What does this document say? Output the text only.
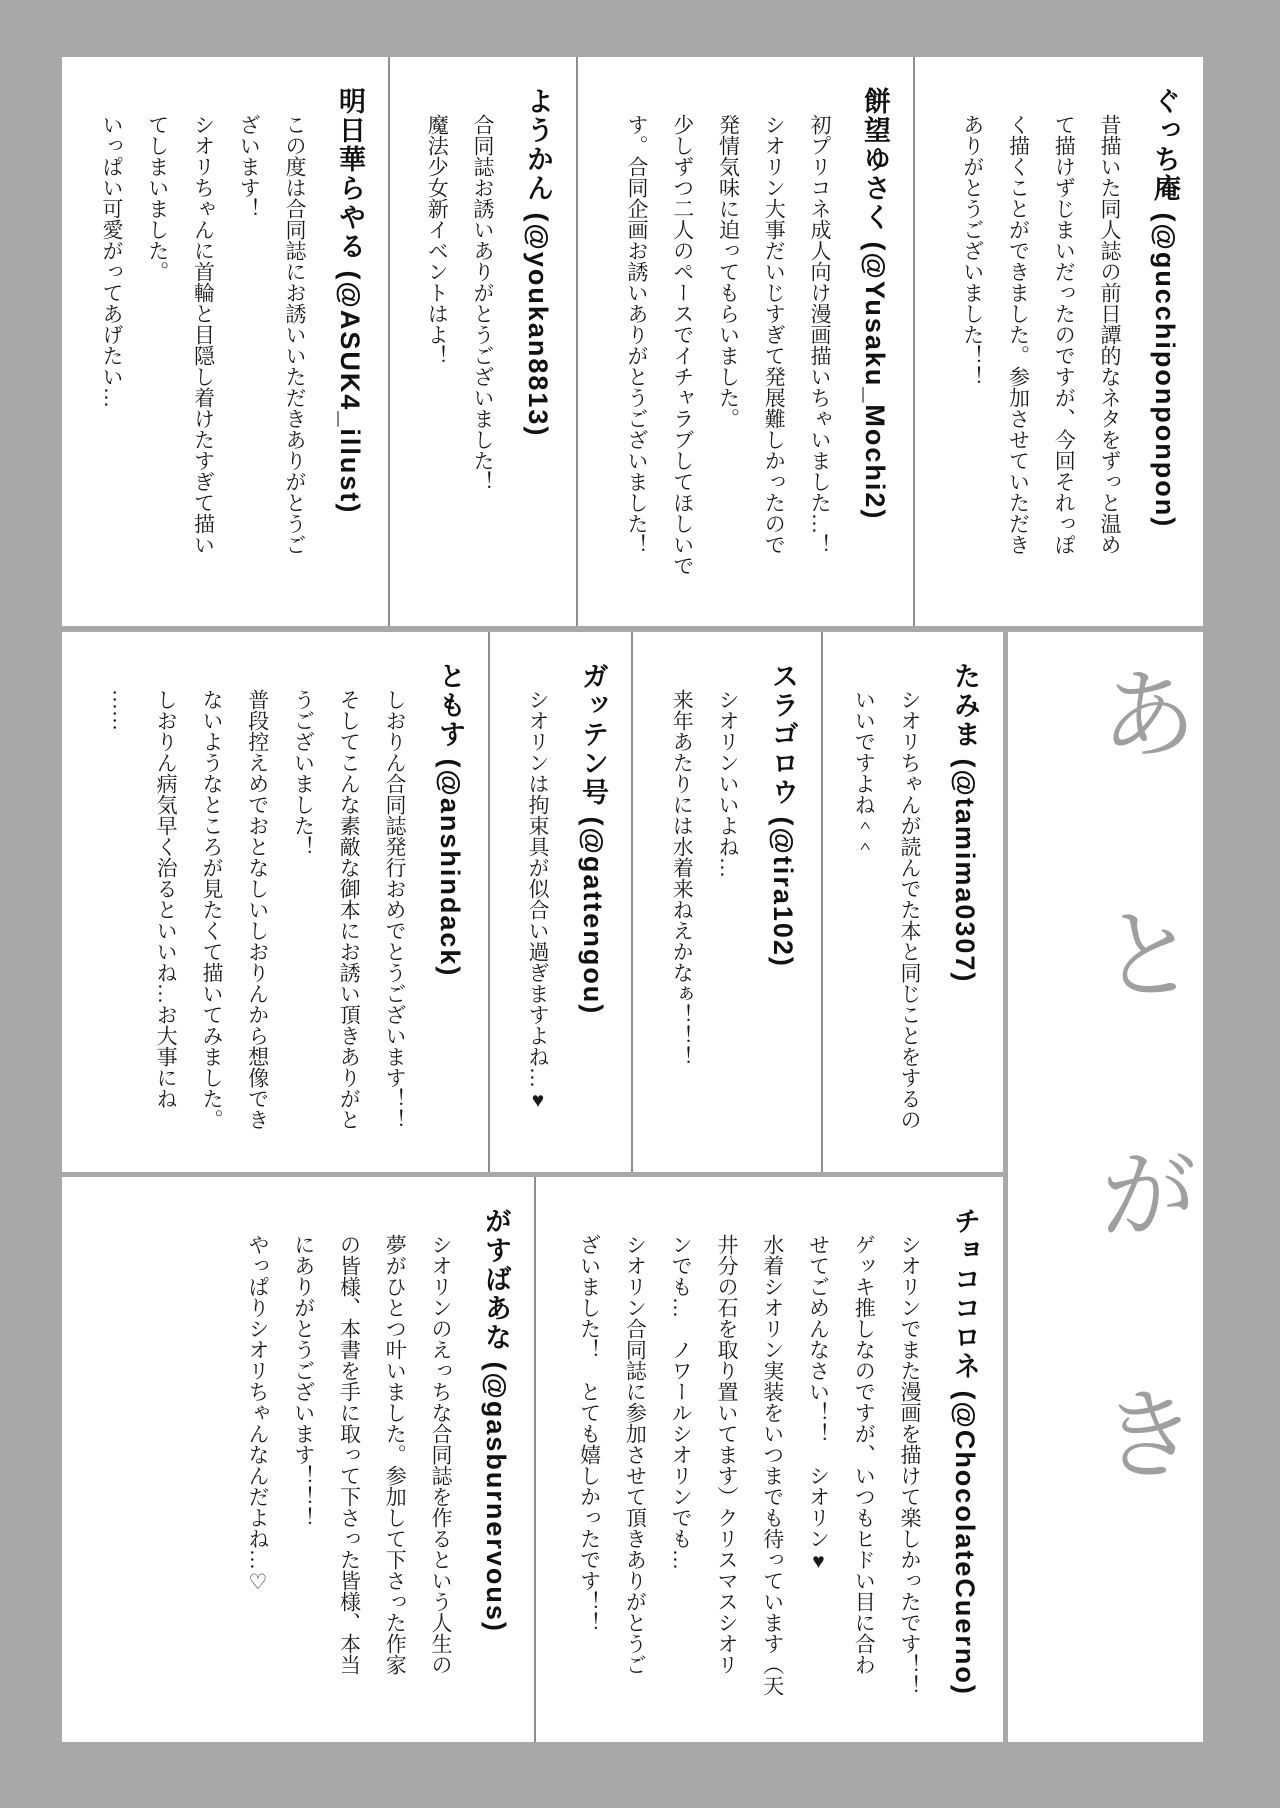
ぐっち庵 (@gucchiponponpon)

昔描いた同人誌の前日譚的なネタをずっと温め

て描けずじまいだったのですが、今回それっぽ

く描くことができました。参加させていただき

ありがとうございました！！

餅望ゆさく (@Yusaku_Mochi2)

初プリコネ成人向け漫画描いちゃいました…！

シオリン大事だいじすぎて発展難しかったので

発情気味に迫ってもらいました。

少しずつ二人のペースでイチャラブしてほしいで

す。合同企画お誘いありがとうございました！

ようかん (@youkan8813)

合同誌お誘いありがとうございました！

魔法少女新イベントはよ！

明日華らやる (@ASUK4_illust)

この度は合同誌にお誘いいただきありがとうご

ざいます！

シオリちゃんに首輪と目隠し着けたすぎて描い

てしまいました。

いっぱい可愛がってあげたい…

たみま (@tamima0307)

シオリちゃんが読んでた本と同じことをするの

いいですよね＾＾

スラゴロウ (@tira102)

シオリンいいよね…

来年あたりには水着来ねえかなぁ！！！

ガッテン号 (@gattengou)

シオリンは拘束具が似合い過ぎますよね…♥

ともす (@anshindack)

しおりん合同誌発行おめでとうございます！！

そしてこんな素敵な御本にお誘い頂きありがと

うございました！

普段控えめでおとなしいしおりんから想像でき

ないようなところが見たくて描いてみました。

しおりん病気早く治るといいね…お大事にね

……

チョココロネ (@ChocolateCuerno)

シオリンでまた漫画を描けて楽しかったです！！

ゲッキ推しなのですが、いつもヒドい目に合わ

せてごめんなさい！！　シオリン♥

水着シオリン実装をいつまでも待っています（天

井分の石を取り置いてます）クリスマスシオリ

ンでも…　ノワールシオリンでも…

シオリン合同誌に参加させて頂きありがとうご

ざいました！　とても嬉しかったです！！

がすばあな (@gasburnervous)

シオリンのえっちな合同誌を作るという人生の

夢がひとつ叶いました。参加して下さった作家

の皆様、本書を手に取って下さった皆様、本当

にありがとうございます！！！

やっぱりシオリちゃんなんだよね…♡	あとがき
